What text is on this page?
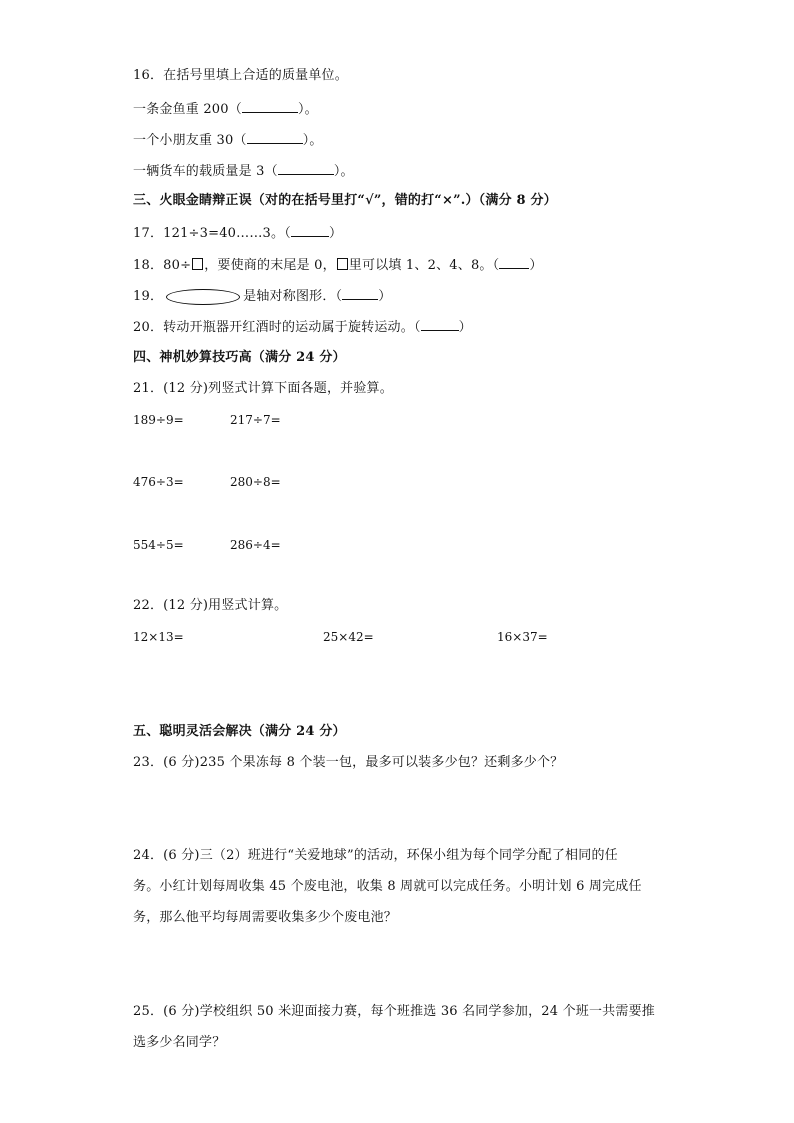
16．在括号里填上合适的质量单位。
一条金鱼重 200（	）。
一个小朋友重 30（	）。
一辆货车的载质量是 3（	）。
三、火眼金睛辩正误（对的在括号里打“√”，错的打“×”.）（满分 8 分）
17．121÷3=40……3。（	）
18．80÷ ，要使商的末尾是 0， 里可以填 1、2、4、8。（ ）
19．	是轴对称图形．（	）
20．转动开瓶器开红酒时的运动属于旋转运动。（	）
四、神机妙算技巧高（满分 24 分）
21．(12 分)列竖式计算下面各题，并验算。
189÷9=	217÷7=
476÷3=	280÷8=
554÷5=	286÷4=
22．(12 分)用竖式计算。
12×13=	25×42=	16×37=
五、聪明灵活会解决（满分 24 分）
23．(6 分)235 个果冻每 8 个装一包，最多可以装多少包？还剩多少个？
24．(6 分)三（2）班进行“关爱地球”的活动，环保小组为每个同学分配了相同的任
务。小红计划每周收集 45 个废电池，收集 8 周就可以完成任务。小明计划 6 周完成任
务，那么他平均每周需要收集多少个废电池？
25．(6 分)学校组织 50 米迎面接力赛，每个班推选 36 名同学参加，24 个班一共需要推
选多少名同学？
